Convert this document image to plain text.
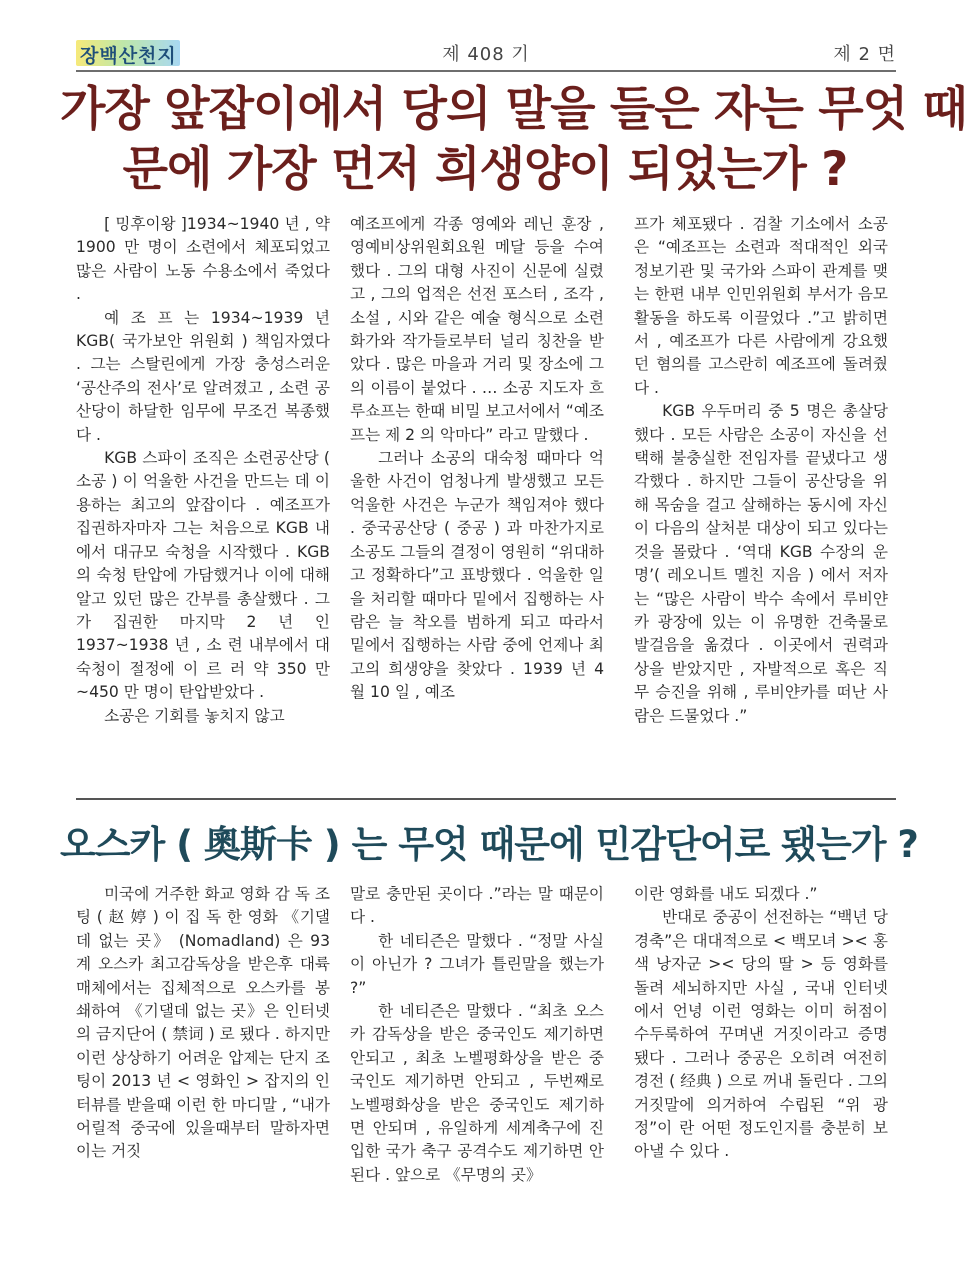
장백산천지	제 408 기	제 2 면
가장 앞잡이에서 당의 말을 들은 자는 무엇 때
문에 가장 먼저 희생양이 되었는가 ?

[ 밍후이왕 ]1934~1940 년 , 약 1900 만 명이 소련에서 체포되었고 많은 사람이 노동 수용소에서 죽었다 .

예 조 프 는 1934~1939 년 KGB( 국가보안 위원회 ) 책임자였다 . 그는 스탈린에게 가장 충성스러운 ‘공산주의 전사’로 알려졌고 , 소련 공산당이 하달한 임무에 무조건 복종했다 .

KGB 스파이 조직은 소련공산당 ( 소공 ) 이 억울한 사건을 만드는 데 이용하는 최고의 앞잡이다 . 예조프가 집권하자마자 그는 처음으로 KGB 내에서 대규모 숙청을 시작했다 . KGB 의 숙청 탄압에 가담했거나 이에 대해 알고 있던 많은 간부를 총살했다 . 그가 집권한 마지막 2 년 인 1937~1938 년 , 소 련 내부에서 대숙청이 절정에 이 르 러 약 350 만 ~450 만 명이 탄압받았다 .

소공은 기회를 놓치지 않고

예조프에게 각종 영예와 레닌 훈장 , 영예비상위원회요원 메달 등을 수여했다 . 그의 대형 사진이 신문에 실렸고 , 그의 업적은 선전 포스터 , 조각 , 소설 , 시와 같은 예술 형식으로 소련 화가와 작가들로부터 널리 칭찬을 받았다 . 많은 마을과 거리 및 장소에 그의 이름이 붙었다 . … 소공 지도자 흐루쇼프는 한때 비밀 보고서에서 “예조프는 제 2 의 악마다” 라고 말했다 .

그러나 소공의 대숙청 때마다 억울한 사건이 엄청나게 발생했고 모든 억울한 사건은 누군가 책임져야 했다 . 중국공산당 ( 중공 ) 과 마찬가지로 소공도 그들의 결정이 영원히 “위대하고 정확하다”고 표방했다 . 억울한 일을 처리할 때마다 밑에서 집행하는 사람은 늘 착오를 범하게 되고 따라서 밑에서 집행하는 사람 중에 언제나 최고의 희생양을 찾았다 . 1939 년 4 월 10 일 , 예조

프가 체포됐다 . 검찰 기소에서 소공은 “예조프는 소련과 적대적인 외국 정보기관 및 국가와 스파이 관계를 맺는 한편 내부 인민위원회 부서가 음모 활동을 하도록 이끌었다 .”고 밝히면서 , 예조프가 다른 사람에게 강요했던 혐의를 고스란히 예조프에 돌려줬다 .

KGB 우두머리 중 5 명은 총살당했다 . 모든 사람은 소공이 자신을 선택해 불충실한 전임자를 끝냈다고 생각했다 . 하지만 그들이 공산당을 위해 목숨을 걸고 살해하는 동시에 자신이 다음의 살처분 대상이 되고 있다는 것을 몰랐다 . ‘역대 KGB 수장의 운명’( 레오니트 멜친 지음 ) 에서 저자는 “많은 사람이 박수 속에서 루비얀카 광장에 있는 이 유명한 건축물로 발걸음을 옮겼다 . 이곳에서 권력과 상을 받았지만 , 자발적으로 혹은 직무 승진을 위해 , 루비얀카를 떠난 사람은 드물었다 .”

오스카 ( 奧斯卡 ) 는 무엇 때문에 민감단어로 됐는가 ?

미국에 거주한 화교 영화 감 독 조 팅 ( 赵 婷 ) 이 집 독 한 영화 《기댈데 없는 곳》 (Nomadland) 은 93 계 오스카 최고감독상을 받은후 대륙 매체에서는 집체적으로 오스카를 봉쇄하여 《기댈데 없는 곳》은 인터넷의 금지단어 ( 禁词 ) 로 됐다 . 하지만 이런 상상하기 어려운 압제는 단지 조팅이 2013 년 < 영화인 > 잡지의 인터뷰를 받을때 이런 한 마디말 , “내가 어릴적 중국에 있을때부터 말하자면 이는 거짓

말로 충만된 곳이다 .”라는 말 때문이다 .

한 네티즌은 말했다 . “정말 사실이 아닌가 ? 그녀가 틀린말을 했는가 ?”

한 네티즌은 말했다 . “최초 오스카 감독상을 받은 중국인도 제기하면 안되고 , 최초 노벨평화상을 받은 중국인도 제기하면 안되고 , 두번째로 노벨평화상을 받은 중국인도 제기하면 안되며 , 유일하게 세계축구에 진입한 국가 축구 공격수도 제기하면 안된다 . 앞으로 《무명의 곳》

이란 영화를 내도 되겠다 .”

반대로 중공이 선전하는 “백년 당경축”은 대대적으로 < 백모녀 >< 홍색 낭자군 >< 당의 딸 > 등 영화를 돌려 세뇌하지만 사실 , 국내 인터넷에서 언녕 이런 영화는 이미 허점이 수두룩하여 꾸며낸 거짓이라고 증명됐다 . 그러나 중공은 오히려 여전히 경전 ( 经典 ) 으로 꺼내 돌린다 . 그의 거짓말에 의거하여 수립된 “위 광 정”이 란 어떤 정도인지를 충분히 보아낼 수 있다 .
